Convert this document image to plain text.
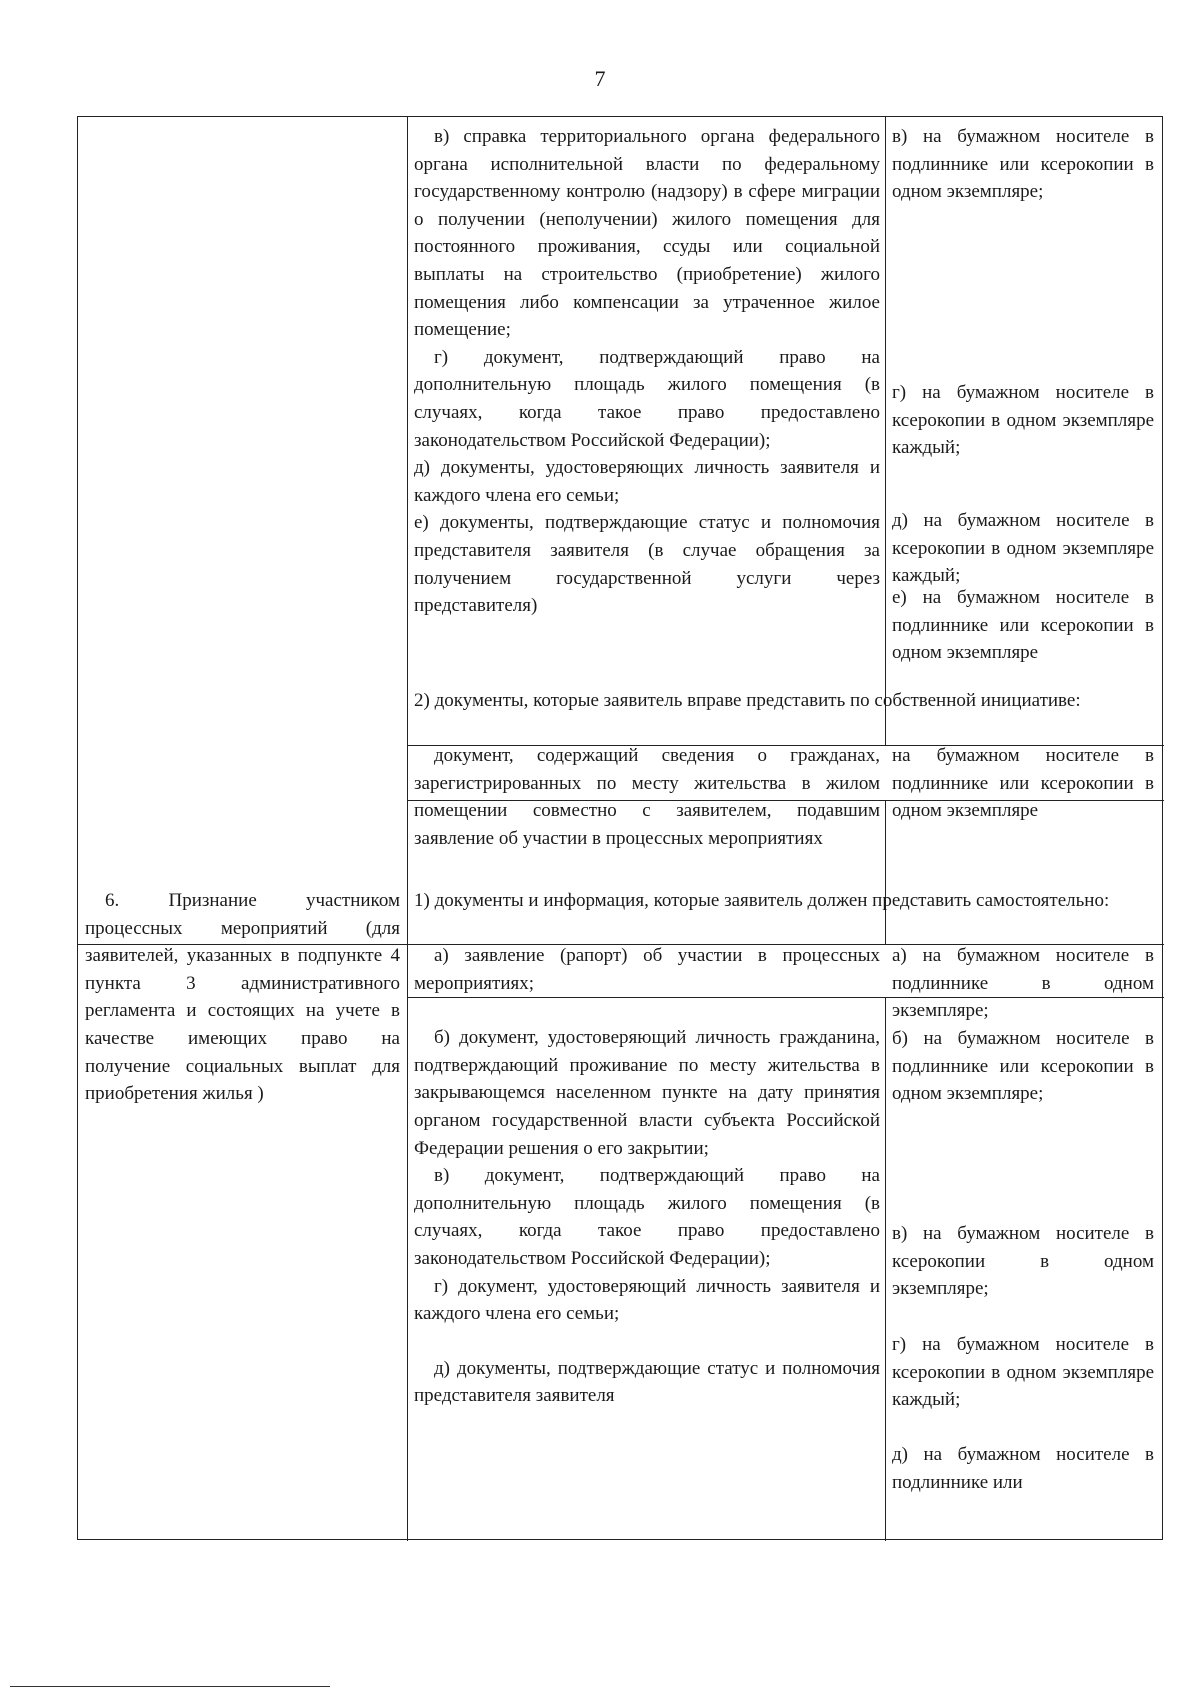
7

в) справка территориального органа федерального органа исполнительной власти по федеральному государственному контролю (надзору) в сфере миграции о получении (неполучении) жилого помещения для постоянного проживания, ссуды или социальной выплаты на строительство (приобретение) жилого помещения либо компенсации за утраченное жилое помещение;

г) документ, подтверждающий право на дополнительную площадь жилого помещения (в случаях, когда такое право предоставлено законодательством Российской Федерации);

д) документы, удостоверяющих личность заявителя и каждого члена его семьи;

е) документы, подтверждающие статус и полномочия представителя заявителя (в случае обращения за получением государственной услуги через представителя)

в) на бумажном носителе в подлиннике или ксерокопии в одном экземпляре;

г) на бумажном носителе в ксерокопии в одном экземпляре каждый;

д) на бумажном носителе в ксерокопии в одном экземпляре каждый;

е) на бумажном носителе в подлиннике или ксерокопии в одном экземпляре

2) документы, которые заявитель вправе представить по собственной инициативе:

документ, содержащий сведения о гражданах, зарегистрированных по месту жительства в жилом помещении совместно с заявителем, подавшим заявление об участии в процессных мероприятиях

на бумажном носителе в подлиннике или ксерокопии в одном экземпляре

6. Признание участником процессных мероприятий (для заявителей, указанных в подпункте 4 пункта 3 административного регламента и состоящих на учете в качестве имеющих право на получение социальных выплат для приобретения жилья )

1) документы и информация, которые заявитель должен представить самостоятельно:

а) заявление (рапорт) об участии в процессных мероприятиях;

б) документ, удостоверяющий личность гражданина, подтверждающий проживание по месту жительства в закрывающемся населенном пункте на дату принятия органом государственной власти субъекта Российской Федерации решения о его закрытии;

в) документ, подтверждающий право на дополнительную площадь жилого помещения (в случаях, когда такое право предоставлено законодательством Российской Федерации);

г) документ, удостоверяющий личность заявителя и каждого члена его семьи;

д) документы, подтверждающие статус и полномочия представителя заявителя

а) на бумажном носителе в подлиннике в одном экземпляре;

б) на бумажном носителе в подлиннике или ксерокопии в одном экземпляре;

в) на бумажном носителе в ксерокопии в одном экземпляре;

г) на бумажном носителе в ксерокопии в одном экземпляре каждый;

д) на бумажном носителе в подлиннике или
